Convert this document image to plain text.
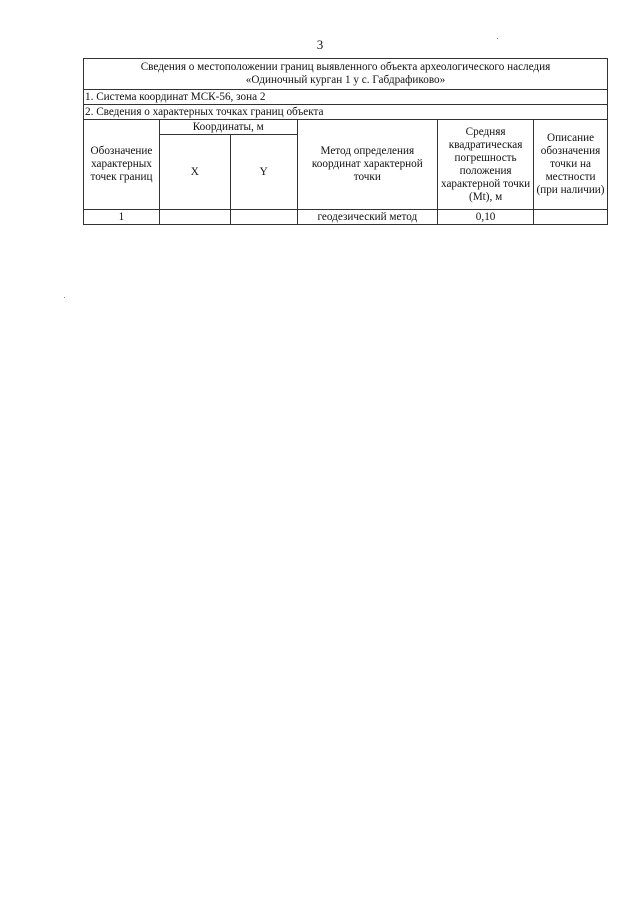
3
Сведения о местоположении границ выявленного объекта археологического наследия
«Одиночный курган 1 у с. Габдрафиково»					
1. Система координат МСК-56, зона 2					
2. Сведения о характерных точках границ объекта					
Обозначение характерных точек границ	Координаты, м		Метод определения координат характерной точки	Средняя квадратическая погрешность положения характерной точки (Mt), м	Описание обозначения точки на местности (при наличии)
	X	Y			
1			геодезический метод	0,10	
